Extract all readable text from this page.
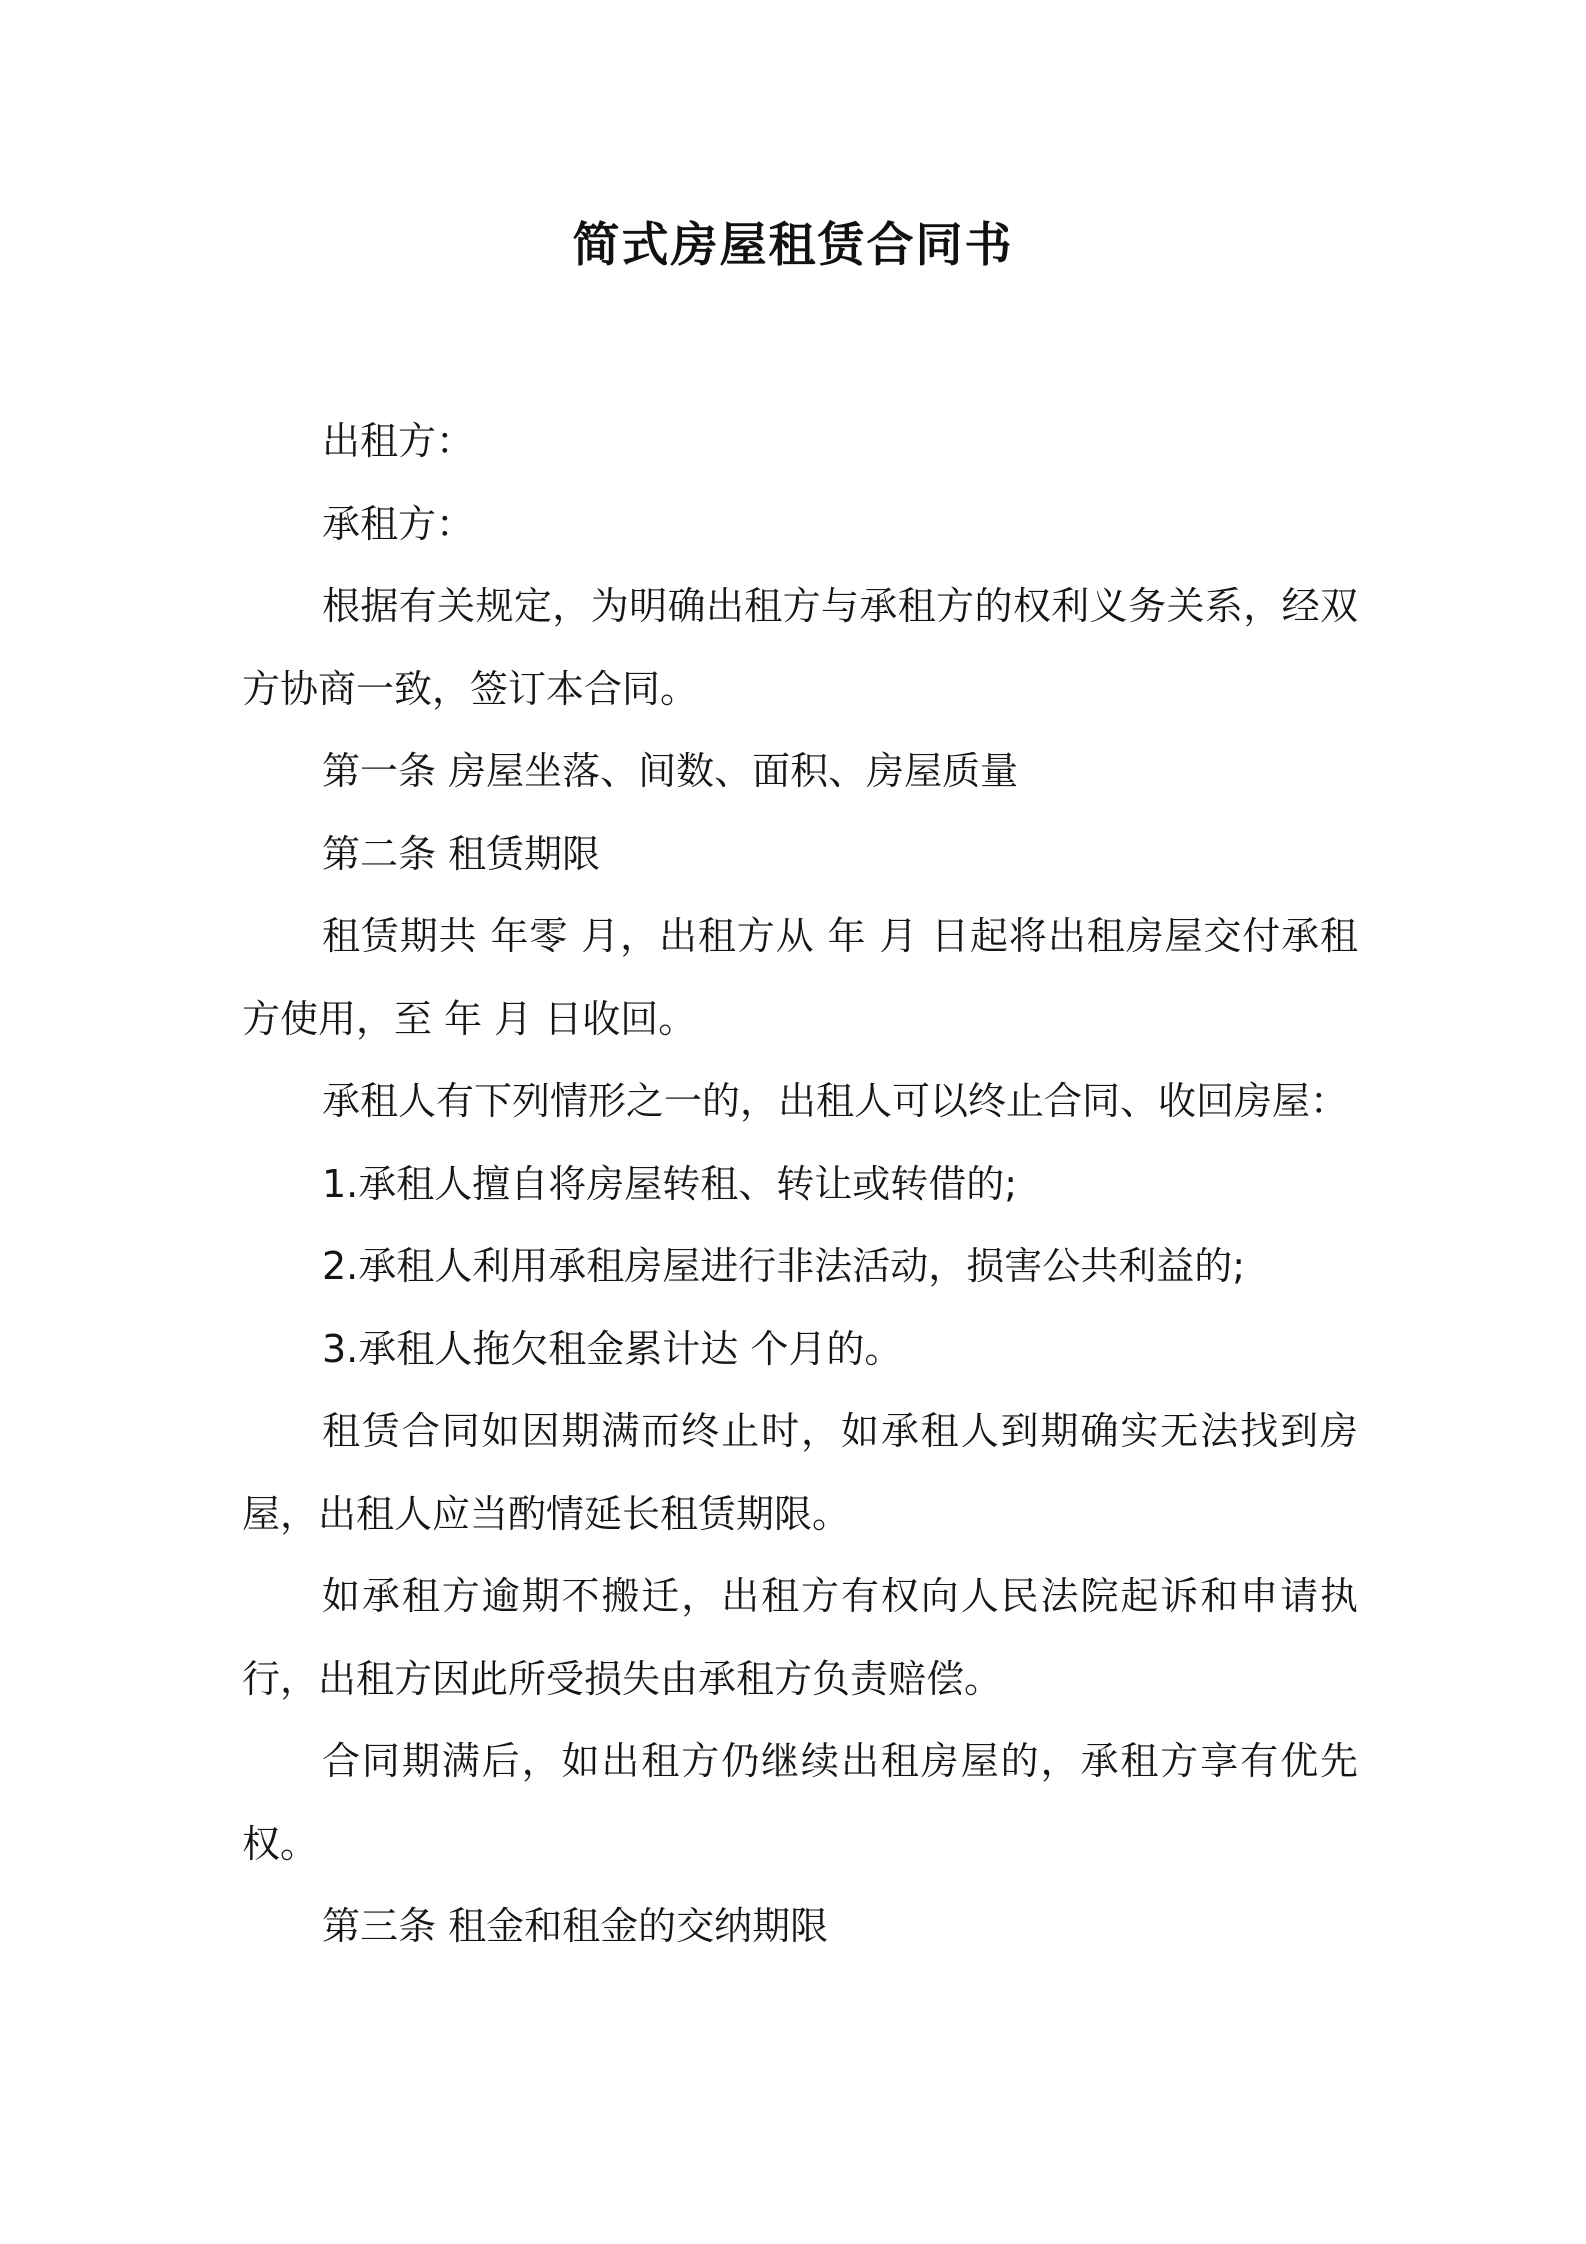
简式房屋租赁合同书

出租方：

承租方：

根据有关规定，为明确出租方与承租方的权利义务关系，经双方协商一致，签订本合同。

第一条 房屋坐落、间数、面积、房屋质量

第二条 租赁期限

租赁期共 年零 月，出租方从 年 月 日起将出租房屋交付承租方使用，至 年 月 日收回。

承租人有下列情形之一的，出租人可以终止合同、收回房屋：

1.承租人擅自将房屋转租、转让或转借的;

2.承租人利用承租房屋进行非法活动，损害公共利益的;

3.承租人拖欠租金累计达 个月的。

租赁合同如因期满而终止时，如承租人到期确实无法找到房屋，出租人应当酌情延长租赁期限。

如承租方逾期不搬迁，出租方有权向人民法院起诉和申请执行，出租方因此所受损失由承租方负责赔偿。

合同期满后，如出租方仍继续出租房屋的，承租方享有优先权。

第三条 租金和租金的交纳期限
